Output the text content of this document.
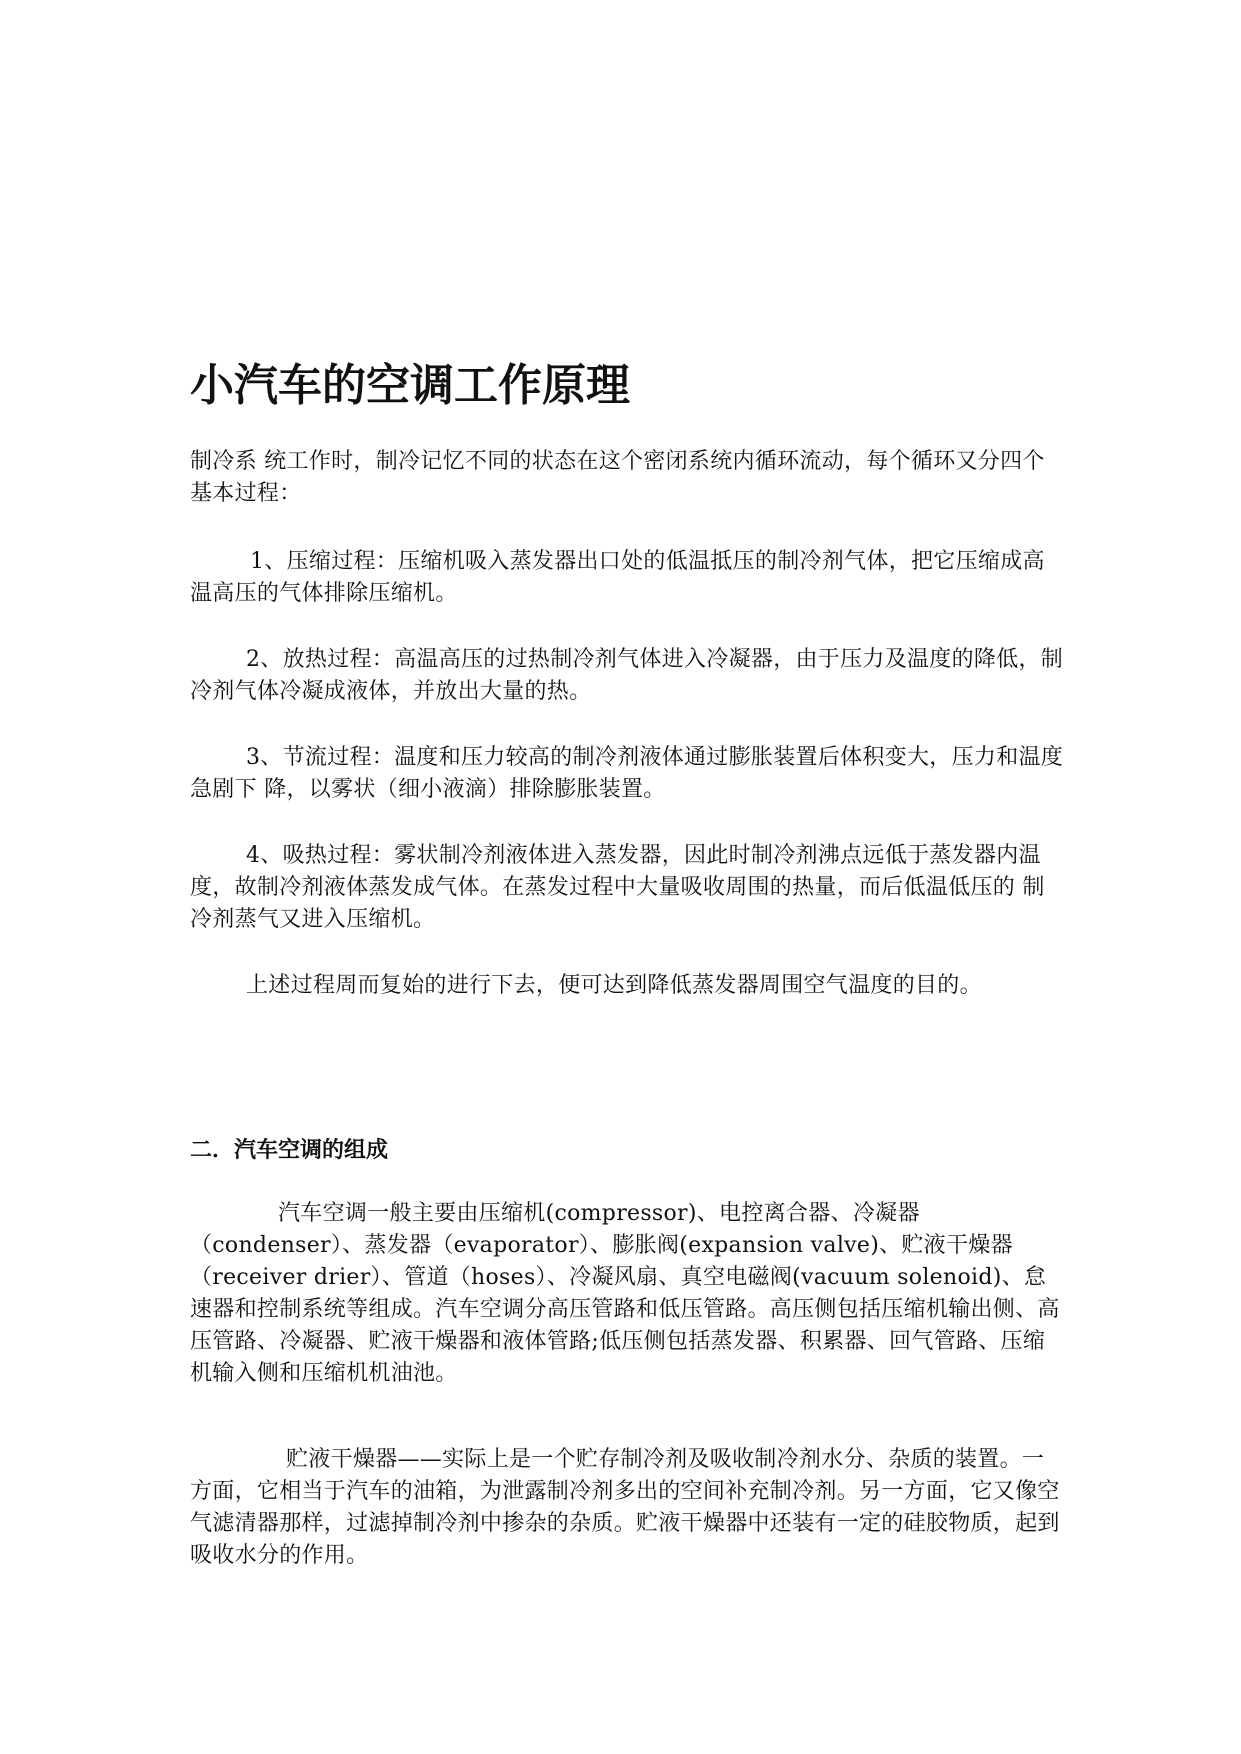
小汽车的空调工作原理

制冷系 统工作时，制冷记忆不同的状态在这个密闭系统内循环流动，每个循环又分四个基本过程：

1、压缩过程：压缩机吸入蒸发器出口处的低温抵压的制冷剂气体，把它压缩成高温高压的气体排除压缩机。

2、放热过程：高温高压的过热制冷剂气体进入冷凝器，由于压力及温度的降低，制冷剂气体冷凝成液体，并放出大量的热。

3、节流过程：温度和压力较高的制冷剂液体通过膨胀装置后体积变大，压力和温度急剧下 降，以雾状（细小液滴）排除膨胀装置。

4、吸热过程：雾状制冷剂液体进入蒸发器，因此时制冷剂沸点远低于蒸发器内温度，故制冷剂液体蒸发成气体。在蒸发过程中大量吸收周围的热量，而后低温低压的 制冷剂蒸气又进入压缩机。

上述过程周而复始的进行下去，便可达到降低蒸发器周围空气温度的目的。

二．汽车空调的组成

汽车空调一般主要由压缩机(compressor)、电控离合器、冷凝器（condenser）、蒸发器（evaporator）、膨胀阀(expansion valve)、贮液干燥器（receiver drier）、管道（hoses）、冷凝风扇、真空电磁阀(vacuum solenoid)、怠速器和控制系统等组成。汽车空调分高压管路和低压管路。高压侧包括压缩机输出侧、高压管路、冷凝器、贮液干燥器和液体管路;低压侧包括蒸发器、积累器、回气管路、压缩机输入侧和压缩机机油池。

贮液干燥器——实际上是一个贮存制冷剂及吸收制冷剂水分、杂质的装置。一方面，它相当于汽车的油箱，为泄露制冷剂多出的空间补充制冷剂。另一方面，它又像空气滤清器那样，过滤掉制冷剂中掺杂的杂质。贮液干燥器中还装有一定的硅胶物质，起到吸收水分的作用。
